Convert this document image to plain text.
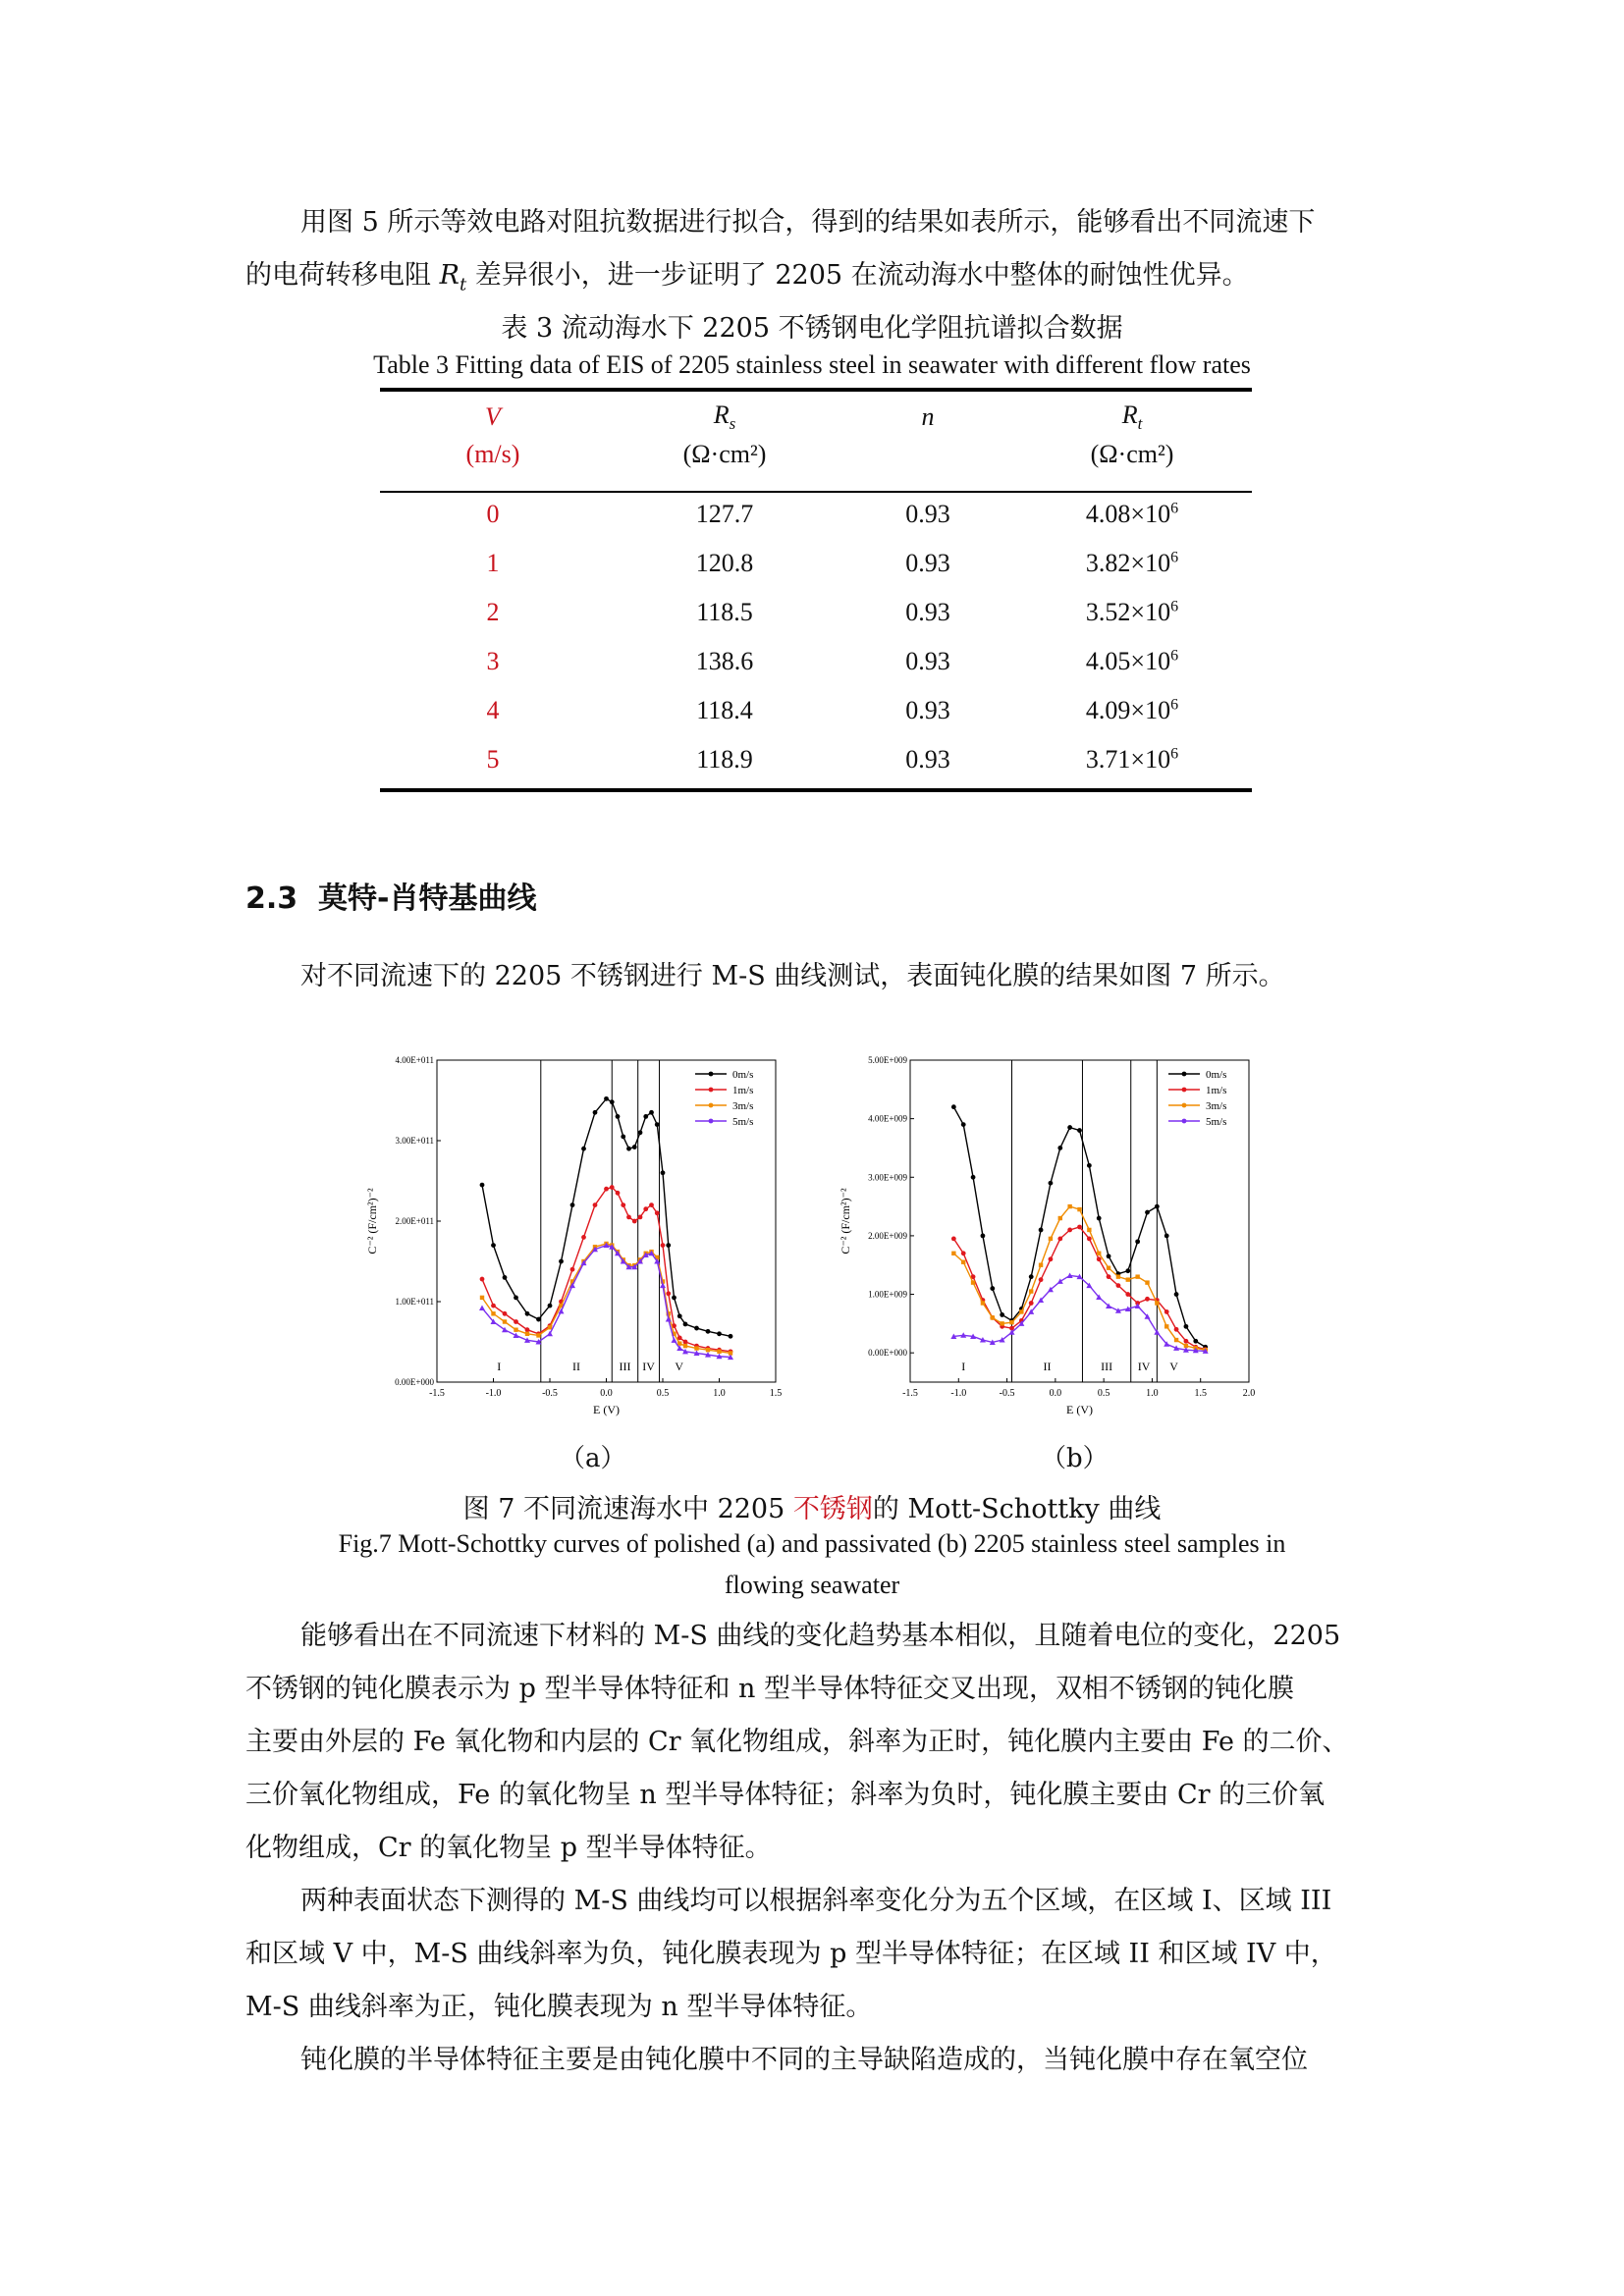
用图 5 所示等效电路对阻抗数据进行拟合，得到的结果如表所示，能够看出不同流速下
的电荷转移电阻 $R_t$ 差异很小，进一步证明了 2205 在流动海水中整体的耐蚀性优异。
表 3 流动海水下 2205 不锈钢电化学阻抗谱拟合数据
Table 3 Fitting data of EIS of 2205 stainless steel in seawater with different flow rates
V	$R_s$	n	$R_t$
(m/s)	(Ω·cm²)		(Ω·cm²)
0	127.7	0.93	$4.08\times 10^6$
1	120.8	0.93	$3.82\times 10^6$
2	118.5	0.93	$3.52\times 10^6$
3	138.6	0.93	$4.05\times 10^6$
4	118.4	0.93	$4.09\times 10^6$
5	118.9	0.93	$3.71\times 10^6$
2.3 莫特-肖特基曲线
对不同流速下的 2205 不锈钢进行 M-S 曲线测试，表面钝化膜的结果如图 7 所示。
-1.5	-1.0	-0.5	0.0	0.5	1.0	1.5
0.00E+000
1.00E+011
2.00E+011
3.00E+011
4.00E+011
E (V)
C⁻² (F/cm²)⁻²
I	II	III IV V
0m/s
1m/s
3m/s
5m/s
-1.5	-1.0	-0.5	0.0	0.5	1.0	1.5	2.0
0.00E+000
1.00E+009
2.00E+009
3.00E+009
4.00E+009
5.00E+009
E (V)
C⁻² (F/cm²)⁻²
I	II	III IV V
0m/s
1m/s
3m/s
5m/s
（a）	（b）
图 7 不同流速海水中 2205 不锈钢的 Mott-Schottky 曲线
Fig.7 Mott-Schottky curves of polished (a) and passivated (b) 2205 stainless steel samples in
flowing seawater
能够看出在不同流速下材料的 M-S 曲线的变化趋势基本相似，且随着电位的变化，2205
不锈钢的钝化膜表示为 p 型半导体特征和 n 型半导体特征交叉出现，双相不锈钢的钝化膜
主要由外层的 Fe 氧化物和内层的 Cr 氧化物组成，斜率为正时，钝化膜内主要由 Fe 的二价、
三价氧化物组成，Fe 的氧化物呈 n 型半导体特征；斜率为负时，钝化膜主要由 Cr 的三价氧
化物组成，Cr 的氧化物呈 p 型半导体特征。
两种表面状态下测得的 M-S 曲线均可以根据斜率变化分为五个区域，在区域 I、区域 III
和区域 V 中，M-S 曲线斜率为负，钝化膜表现为 p 型半导体特征；在区域 II 和区域 IV 中，
M-S 曲线斜率为正，钝化膜表现为 n 型半导体特征。
钝化膜的半导体特征主要是由钝化膜中不同的主导缺陷造成的，当钝化膜中存在氧空位
